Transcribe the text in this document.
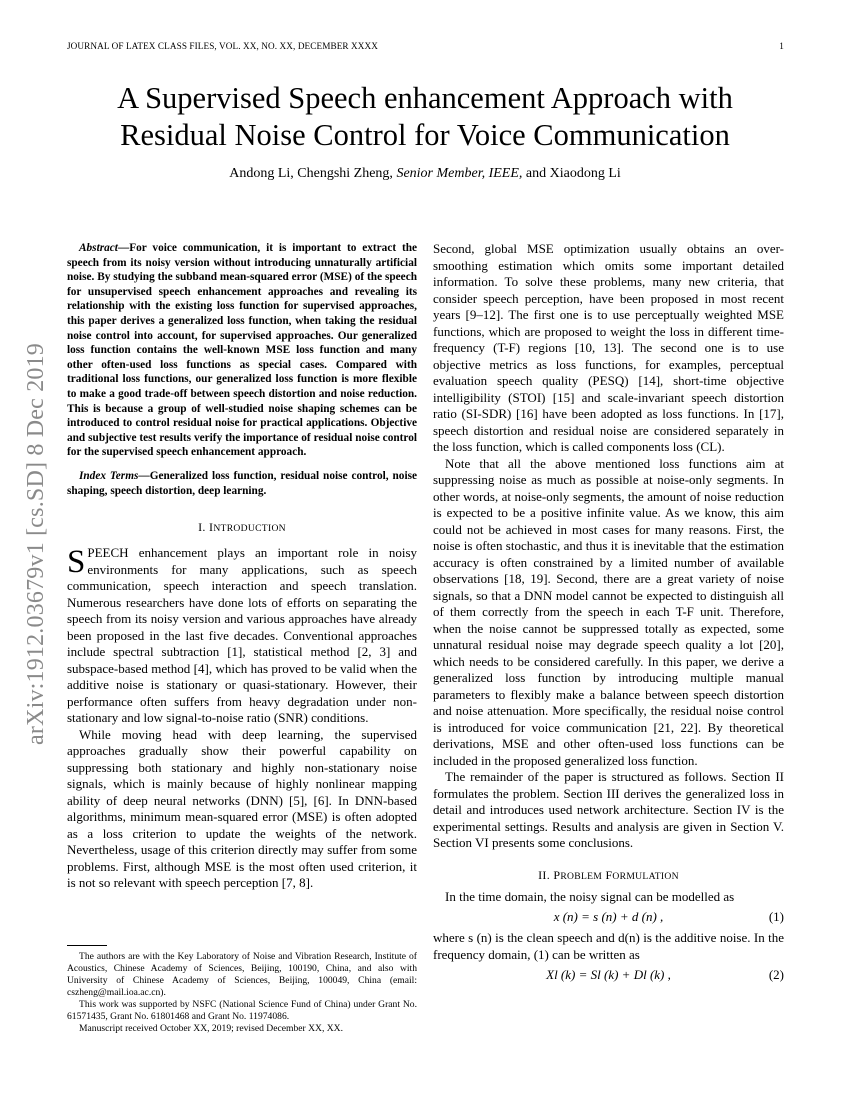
JOURNAL OF LATEX CLASS FILES, VOL. XX, NO. XX, DECEMBER XXXX	1
A Supervised Speech enhancement Approach with
Residual Noise Control for Voice Communication
Andong Li, Chengshi Zheng, Senior Member, IEEE, and Xiaodong Li
arXiv:1912.03679v1 [cs.SD] 8 Dec 2019

Abstract—For voice communication, it is important to extract the speech from its noisy version without introducing unnaturally artificial noise. By studying the subband mean-squared error (MSE) of the speech for unsupervised speech enhancement approaches and revealing its relationship with the existing loss function for supervised approaches, this paper derives a generalized loss function, when taking the residual noise control into account, for supervised approaches. Our generalized loss function contains the well-known MSE loss function and many other often-used loss functions as special cases. Compared with traditional loss functions, our generalized loss function is more flexible to make a good trade-off between speech distortion and noise reduction. This is because a group of well-studied noise shaping schemes can be introduced to control residual noise for practical applications. Objective and subjective test results verify the importance of residual noise control for the supervised speech enhancement approach.

Index Terms—Generalized loss function, residual noise control, noise shaping, speech distortion, deep learning.

I. INTRODUCTION

SPEECH enhancement plays an important role in noisy environments for many applications, such as speech communication, speech interaction and speech translation. Numerous researchers have done lots of efforts on separating the speech from its noisy version and various approaches have already been proposed in the last five decades. Conventional approaches include spectral subtraction [1], statistical method [2, 3] and subspace-based method [4], which has proved to be valid when the additive noise is stationary or quasi-stationary. However, their performance often suffers from heavy degradation under non-stationary and low signal-to-noise ratio (SNR) conditions.

While moving head with deep learning, the supervised approaches gradually show their powerful capability on suppressing both stationary and highly non-stationary noise signals, which is mainly because of highly nonlinear mapping ability of deep neural networks (DNN) [5], [6]. In DNN-based algorithms, minimum mean-squared error (MSE) is often adopted as a loss criterion to update the weights of the network. Nevertheless, usage of this criterion directly may suffer from some problems. First, although MSE is the most often used criterion, it is not so relevant with speech perception [7, 8].

The authors are with the Key Laboratory of Noise and Vibration Research, Institute of Acoustics, Chinese Academy of Sciences, Beijing, 100190, China, and also with University of Chinese Academy of Sciences, Beijing, 100049, China (email: cszheng@mail.ioa.ac.cn).

This work was supported by NSFC (National Science Fund of China) under Grant No. 61571435, Grant No. 61801468 and Grant No. 11974086.

Manuscript received October XX, 2019; revised December XX, XX.

Second, global MSE optimization usually obtains an over-smoothing estimation which omits some important detailed information. To solve these problems, many new criteria, that consider speech perception, have been proposed in most recent years [9–12]. The first one is to use perceptually weighted MSE functions, which are proposed to weight the loss in different time-frequency (T-F) regions [10, 13]. The second one is to use objective metrics as loss functions, for examples, perceptual evaluation speech quality (PESQ) [14], short-time objective intelligibility (STOI) [15] and scale-invariant speech distortion ratio (SI-SDR) [16] have been adopted as loss functions. In [17], speech distortion and residual noise are considered separately in the loss function, which is called components loss (CL).

Note that all the above mentioned loss functions aim at suppressing noise as much as possible at noise-only segments. In other words, at noise-only segments, the amount of noise reduction is expected to be a positive infinite value. As we know, this aim could not be achieved in most cases for many reasons. First, the noise is often stochastic, and thus it is inevitable that the estimation accuracy is often constrained by a limited number of available observations [18, 19]. Second, there are a great variety of noise signals, so that a DNN model cannot be expected to distinguish all of them correctly from the speech in each T-F unit. Therefore, when the noise cannot be suppressed totally as expected, some unnatural residual noise may degrade speech quality a lot [20], which needs to be considered carefully. In this paper, we derive a generalized loss function by introducing multiple manual parameters to flexibly make a balance between speech distortion and noise attenuation. More specifically, the residual noise control is introduced for voice communication [21, 22]. By theoretical derivations, MSE and other often-used loss functions can be included in the proposed generalized loss function.

The remainder of the paper is structured as follows. Section II formulates the problem. Section III derives the generalized loss in detail and introduces used network architecture. Section IV is the experimental settings. Results and analysis are given in Section V. Section VI presents some conclusions.

II. PROBLEM FORMULATION

In the time domain, the noisy signal can be modelled as

x (n) = s (n) + d (n) ,	(1)

where s (n) is the clean speech and d(n) is the additive noise. In the frequency domain, (1) can be written as

Xl (k) = Sl (k) + Dl (k) ,	(2)
